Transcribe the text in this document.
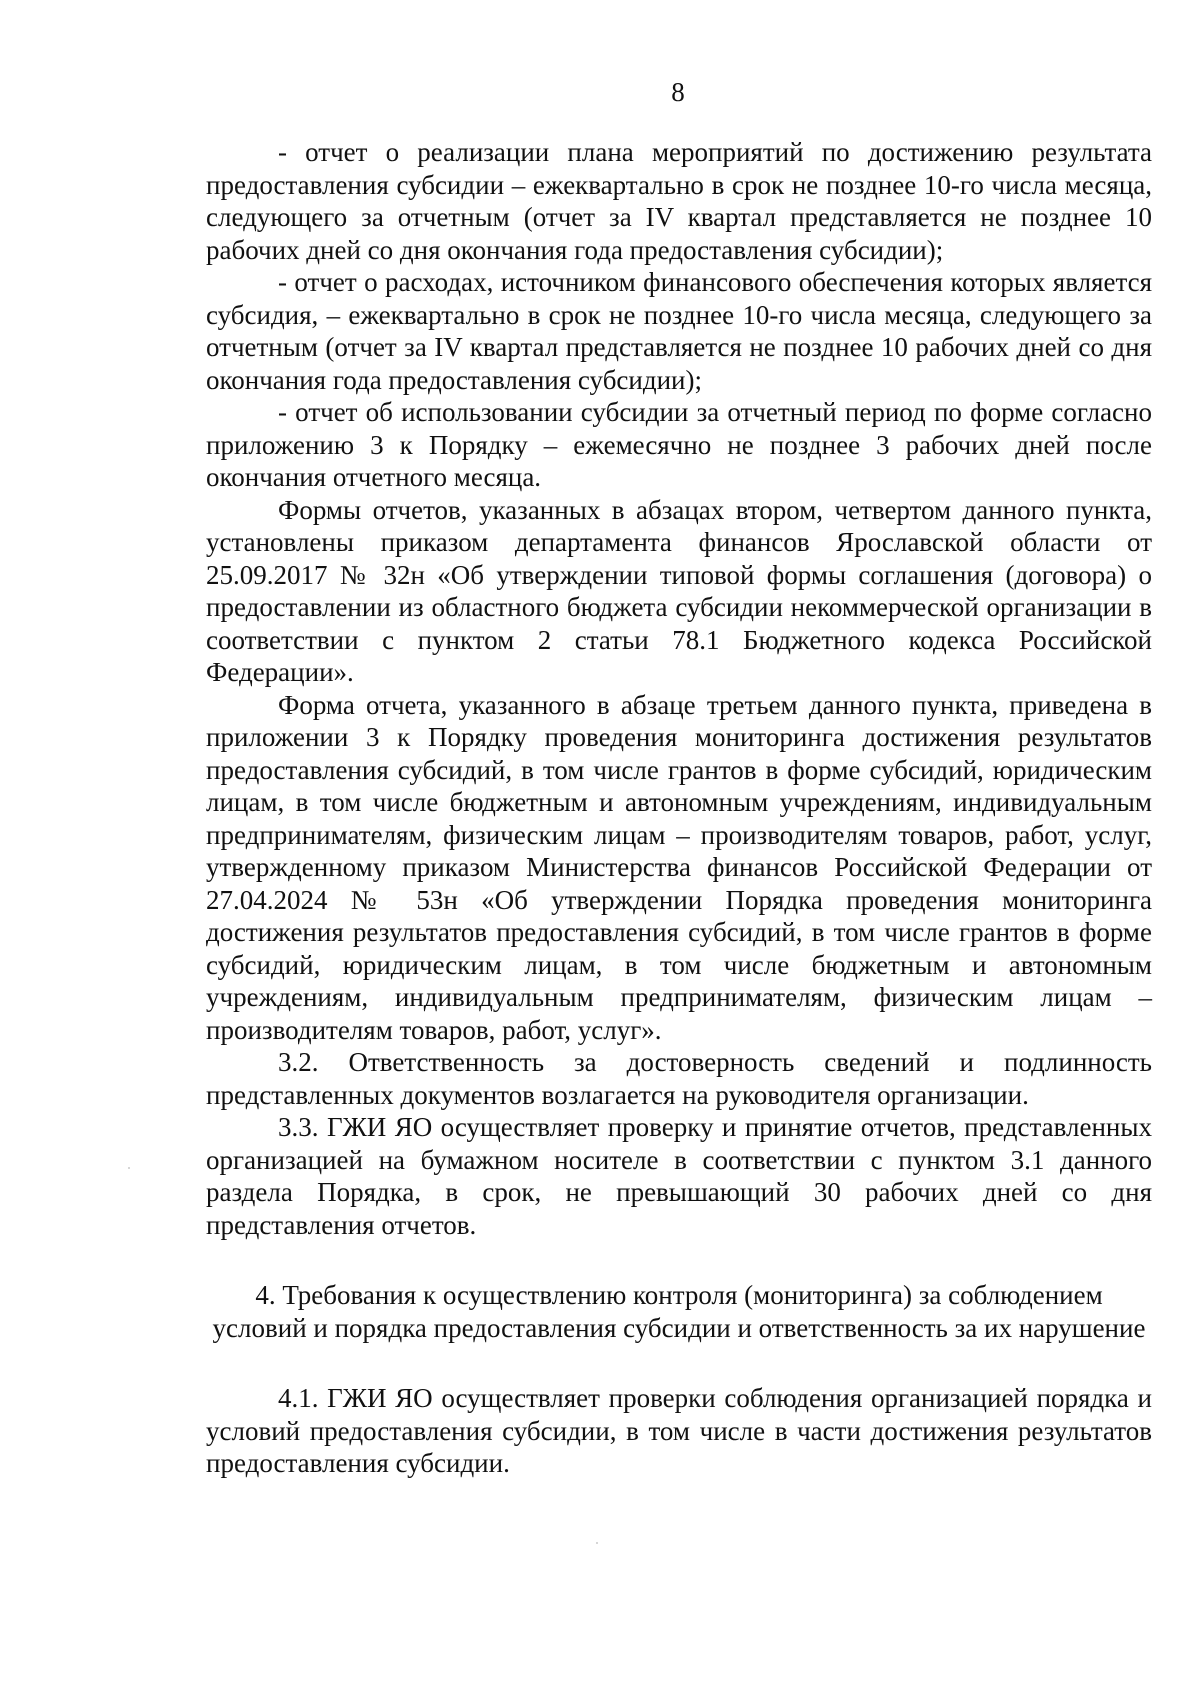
8

- отчет о реализации плана мероприятий по достижению результата предоставления субсидии – ежеквартально в срок не позднее 10-го числа месяца, следующего за отчетным (отчет за IV квартал представляется не позднее 10 рабочих дней со дня окончания года предоставления субсидии);

- отчет о расходах, источником финансового обеспечения которых является субсидия, – ежеквартально в срок не позднее 10-го числа месяца, следующего за отчетным (отчет за IV квартал представляется не позднее 10 рабочих дней со дня окончания года предоставления субсидии);

- отчет об использовании субсидии за отчетный период по форме согласно приложению 3 к Порядку – ежемесячно не позднее 3 рабочих дней после окончания отчетного месяца.

Формы отчетов, указанных в абзацах втором, четвертом данного пункта, установлены приказом департамента финансов Ярославской области от 25.09.2017 № 32н «Об утверждении типовой формы соглашения (договора) о предоставлении из областного бюджета субсидии некоммерческой организации в соответствии с пунктом 2 статьи 78.1 Бюджетного кодекса Российской Федерации».

Форма отчета, указанного в абзаце третьем данного пункта, приведена в приложении 3 к Порядку проведения мониторинга достижения результатов предоставления субсидий, в том числе грантов в форме субсидий, юридическим лицам, в том числе бюджетным и автономным учреждениям, индивидуальным предпринимателям, физическим лицам – производителям товаров, работ, услуг, утвержденному приказом Министерства финансов Российской Федерации от 27.04.2024 № 53н «Об утверждении Порядка проведения мониторинга достижения результатов предоставления субсидий, в том числе грантов в форме субсидий, юридическим лицам, в том числе бюджетным и автономным учреждениям, индивидуальным предпринимателям, физическим лицам – производителям товаров, работ, услуг».

3.2. Ответственность за достоверность сведений и подлинность представленных документов возлагается на руководителя организации.

3.3. ГЖИ ЯО осуществляет проверку и принятие отчетов, представленных организацией на бумажном носителе в соответствии с пунктом 3.1 данного раздела Порядка, в срок, не превышающий 30 рабочих дней со дня представления отчетов.

4. Требования к осуществлению контроля (мониторинга) за соблюдением условий и порядка предоставления субсидии и ответственность за их нарушение

4.1. ГЖИ ЯО осуществляет проверки соблюдения организацией порядка и условий предоставления субсидии, в том числе в части достижения результатов предоставления субсидии.
